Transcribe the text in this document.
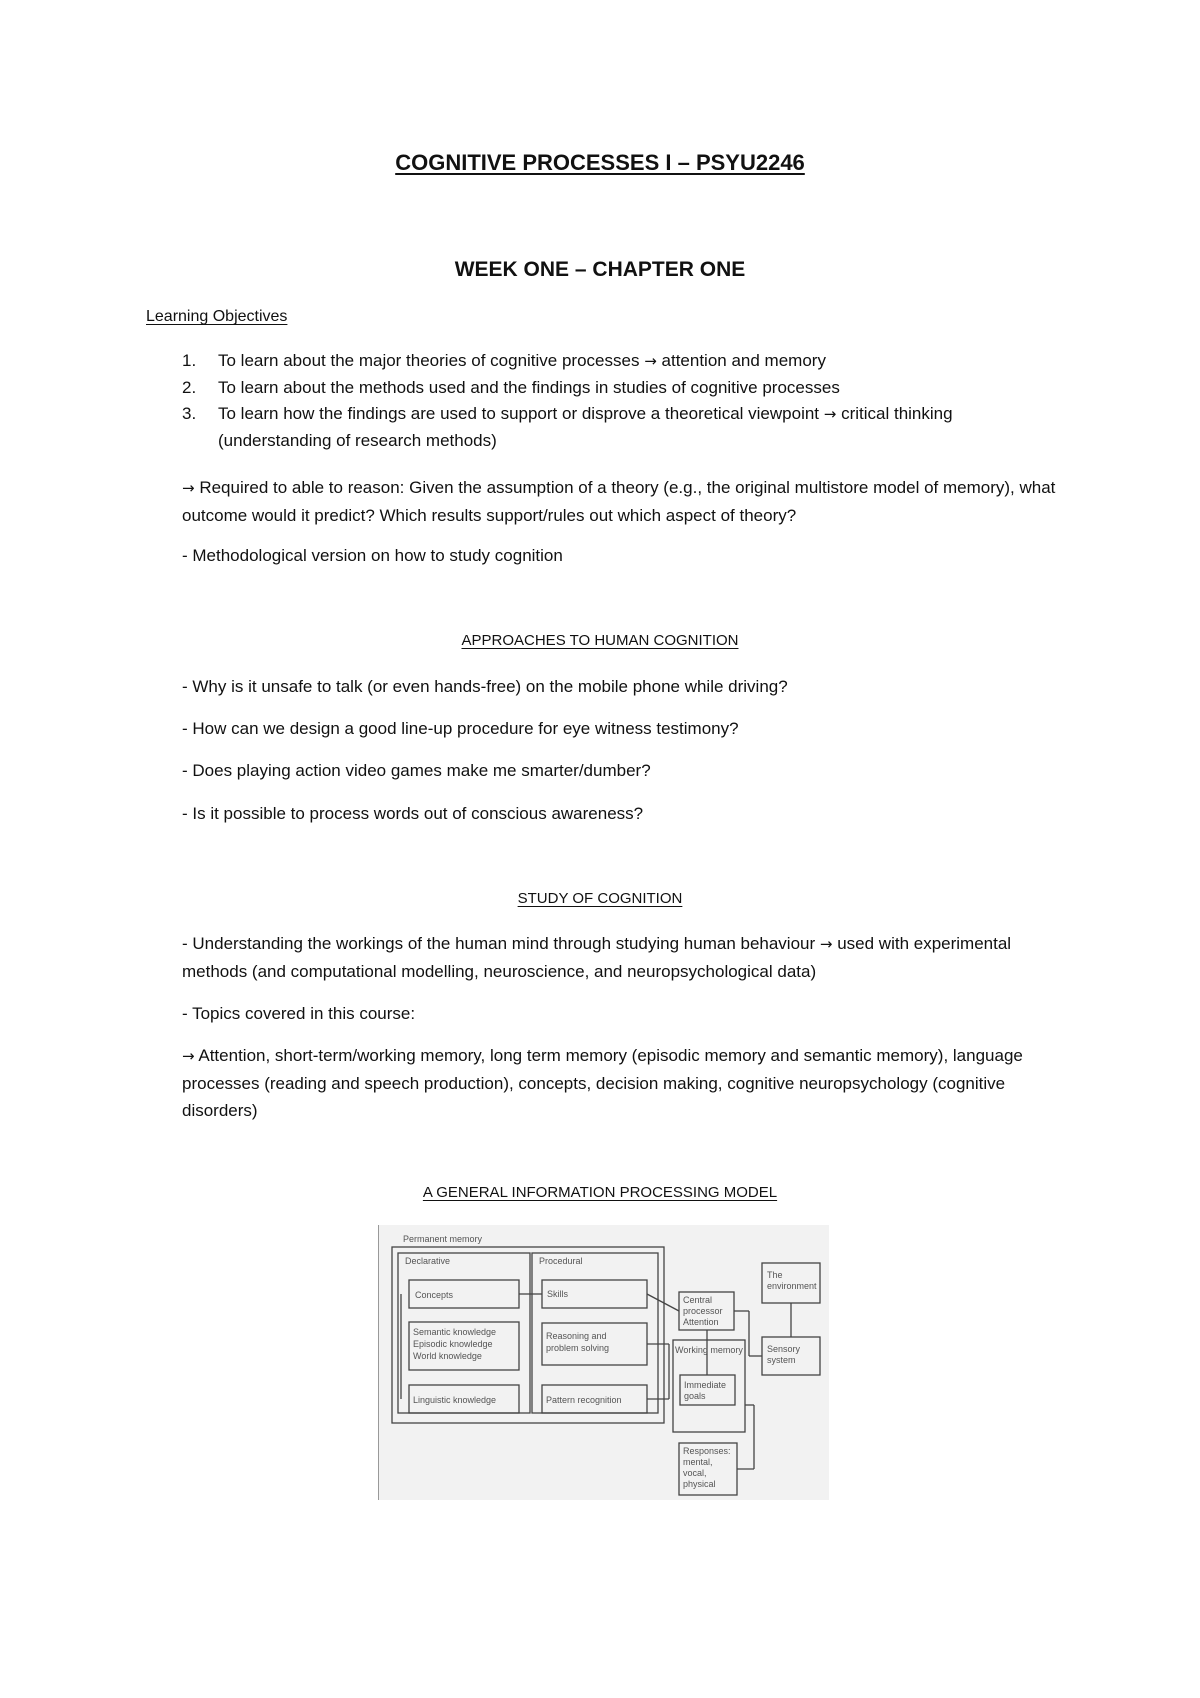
COGNITIVE PROCESSES I – PSYU2246
WEEK ONE – CHAPTER ONE
Learning Objectives
1. To learn about the major theories of cognitive processes → attention and memory
2. To learn about the methods used and the findings in studies of cognitive processes
3. To learn how the findings are used to support or disprove a theoretical viewpoint → critical thinking (understanding of research methods)
→ Required to able to reason: Given the assumption of a theory (e.g., the original multistore model of memory), what outcome would it predict? Which results support/rules out which aspect of theory?
- Methodological version on how to study cognition
APPROACHES TO HUMAN COGNITION
- Why is it unsafe to talk (or even hands-free) on the mobile phone while driving?
- How can we design a good line-up procedure for eye witness testimony?
- Does playing action video games make me smarter/dumber?
- Is it possible to process words out of conscious awareness?
STUDY OF COGNITION
- Understanding the workings of the human mind through studying human behaviour → used with experimental methods (and computational modelling, neuroscience, and neuropsychological data)
- Topics covered in this course:
→ Attention, short-term/working memory, long term memory (episodic memory and semantic memory), language processes (reading and speech production), concepts, decision making, cognitive neuropsychology (cognitive disorders)
A GENERAL INFORMATION PROCESSING MODEL
Permanent memory
Declarative	Procedural
Concepts
Semantic knowledge
Episodic knowledge
World knowledge
Linguistic knowledge
Skills
Reasoning and
problem solving
Pattern recognition
Central
processor
Attention
Working memory
Immediate
goals
Responses:
mental,
vocal,
physical
The
environment
Sensory
system
